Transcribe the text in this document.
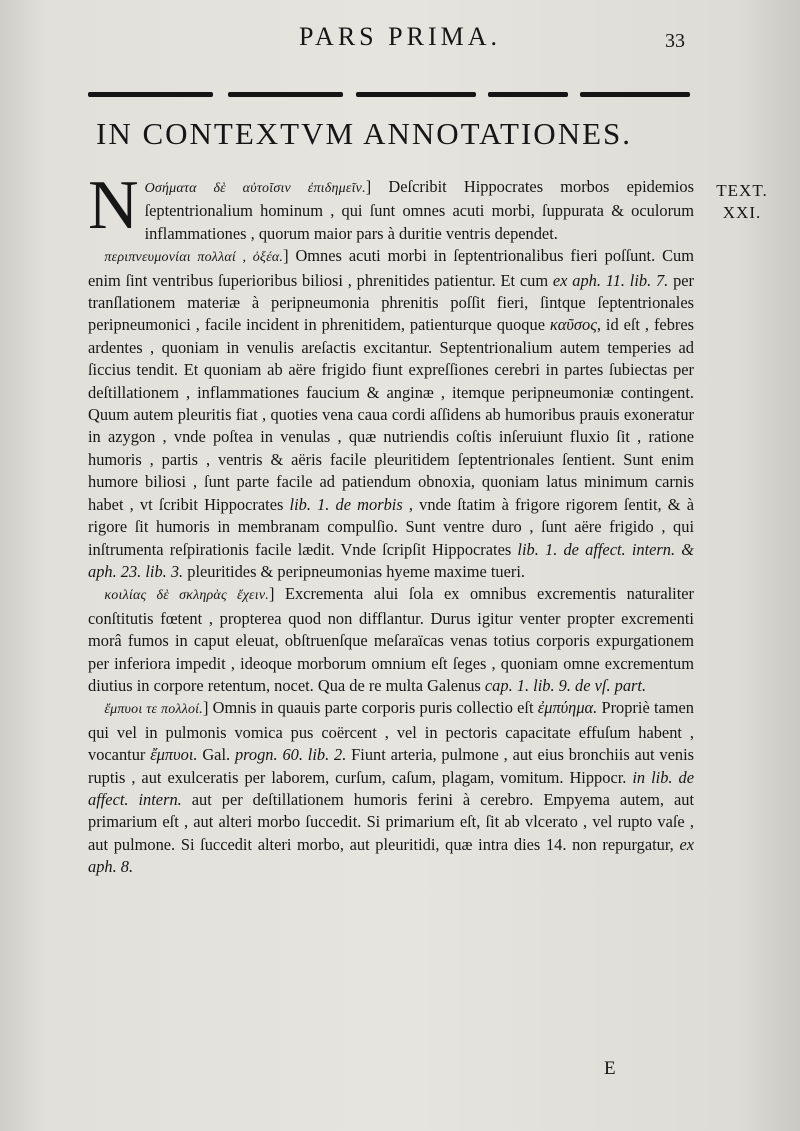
PARS PRIMA.	33
IN CONTEXTVM ANNOTATIONES.
TEXT.
XXI.

N Οσήματα δὲ αὐτοῖσιν ἐπιδημεῖν.] Deſcribit Hippocrates morbos epidemios ſeptentrionalium hominum , qui ſunt omnes acuti morbi, ſuppurata & oculorum inflammationes , quorum maior pars à duritie ventris dependet.

 περιπνευμονίαι πολλαί , ὀξέα.] Omnes acuti morbi in ſeptentrionalibus fieri poſſunt. Cum enim ſint ventribus ſuperioribus biliosi , phrenitides patientur. Et cum ex aph. 11. lib. 7. per tranſlationem materiæ à peripneumonia phrenitis poſſit fieri, ſintque ſeptentrionales peripneumonici , facile incident in phrenitidem, patienturque quoque καῦσος, id eſt , febres ardentes , quoniam in venulis areſactis excitantur. Septentrionalium autem temperies ad ſiccius tendit. Et quoniam ab aëre frigido fiunt expreſſiones cerebri in partes ſubiectas per deſtillationem , inflammationes faucium & anginæ , itemque peripneumoniæ contingent. Quum autem pleuritis fiat , quoties vena caua cordi aſſidens ab humoribus prauis exoneratur in azygon , vnde poſtea in venulas , quæ nutriendis coſtis inſeruiunt fluxio ſit , ratione humoris , partis , ventris & aëris facile pleuritidem ſeptentrionales ſentient. Sunt enim humore biliosi , ſunt parte facile ad patiendum obnoxia, quoniam latus minimum carnis habet , vt ſcribit Hippocrates lib. 1. de morbis , vnde ſtatim à frigore rigorem ſentit, & à rigore ſit humoris in membranam compulſio. Sunt ventre duro , ſunt aëre frigido , qui inſtrumenta reſpirationis facile lædit. Vnde ſcripſit Hippocrates lib. 1. de affect. intern. & aph. 23. lib. 3. pleuritides & peripneumonias hyeme maxime tueri.

 κοιλίας δὲ σκληρὰς ἔχειν.] Excrementa alui ſola ex omnibus excrementis naturaliter conſtitutis fœtent , propterea quod non difflantur. Durus igitur venter propter excrementi morâ fumos in caput eleuat, obſtruenſque meſaraïcas venas totius corporis expurgationem per inferiora impedit , ideoque morborum omnium eſt ſeges , quoniam omne excrementum diutius in corpore retentum, nocet. Qua de re multa Galenus cap. 1. lib. 9. de vſ. part.

 ἔμπυοι τε πολλοί.] Omnis in quauis parte corporis puris collectio eſt ἐμπύημα. Propriè tamen qui vel in pulmonis vomica pus coërcent , vel in pectoris capacitate effuſum habent , vocantur ἔμπυοι. Gal. progn. 60. lib. 2. Fiunt arteria, pulmone , aut eius bronchiis aut venis ruptis , aut exulceratis per laborem, curſum, caſum, plagam, vomitum. Hippocr. in lib. de affect. intern. aut per deſtillationem humoris ferini à cerebro. Empyema autem, aut primarium eſt , aut alteri morbo ſuccedit. Si primarium eſt, ſit ab vlcerato , vel rupto vaſe , aut pulmone. Si ſuccedit alteri morbo, aut pleuritidi, quæ intra dies 14. non repurgatur, ex aph. 8.

E
